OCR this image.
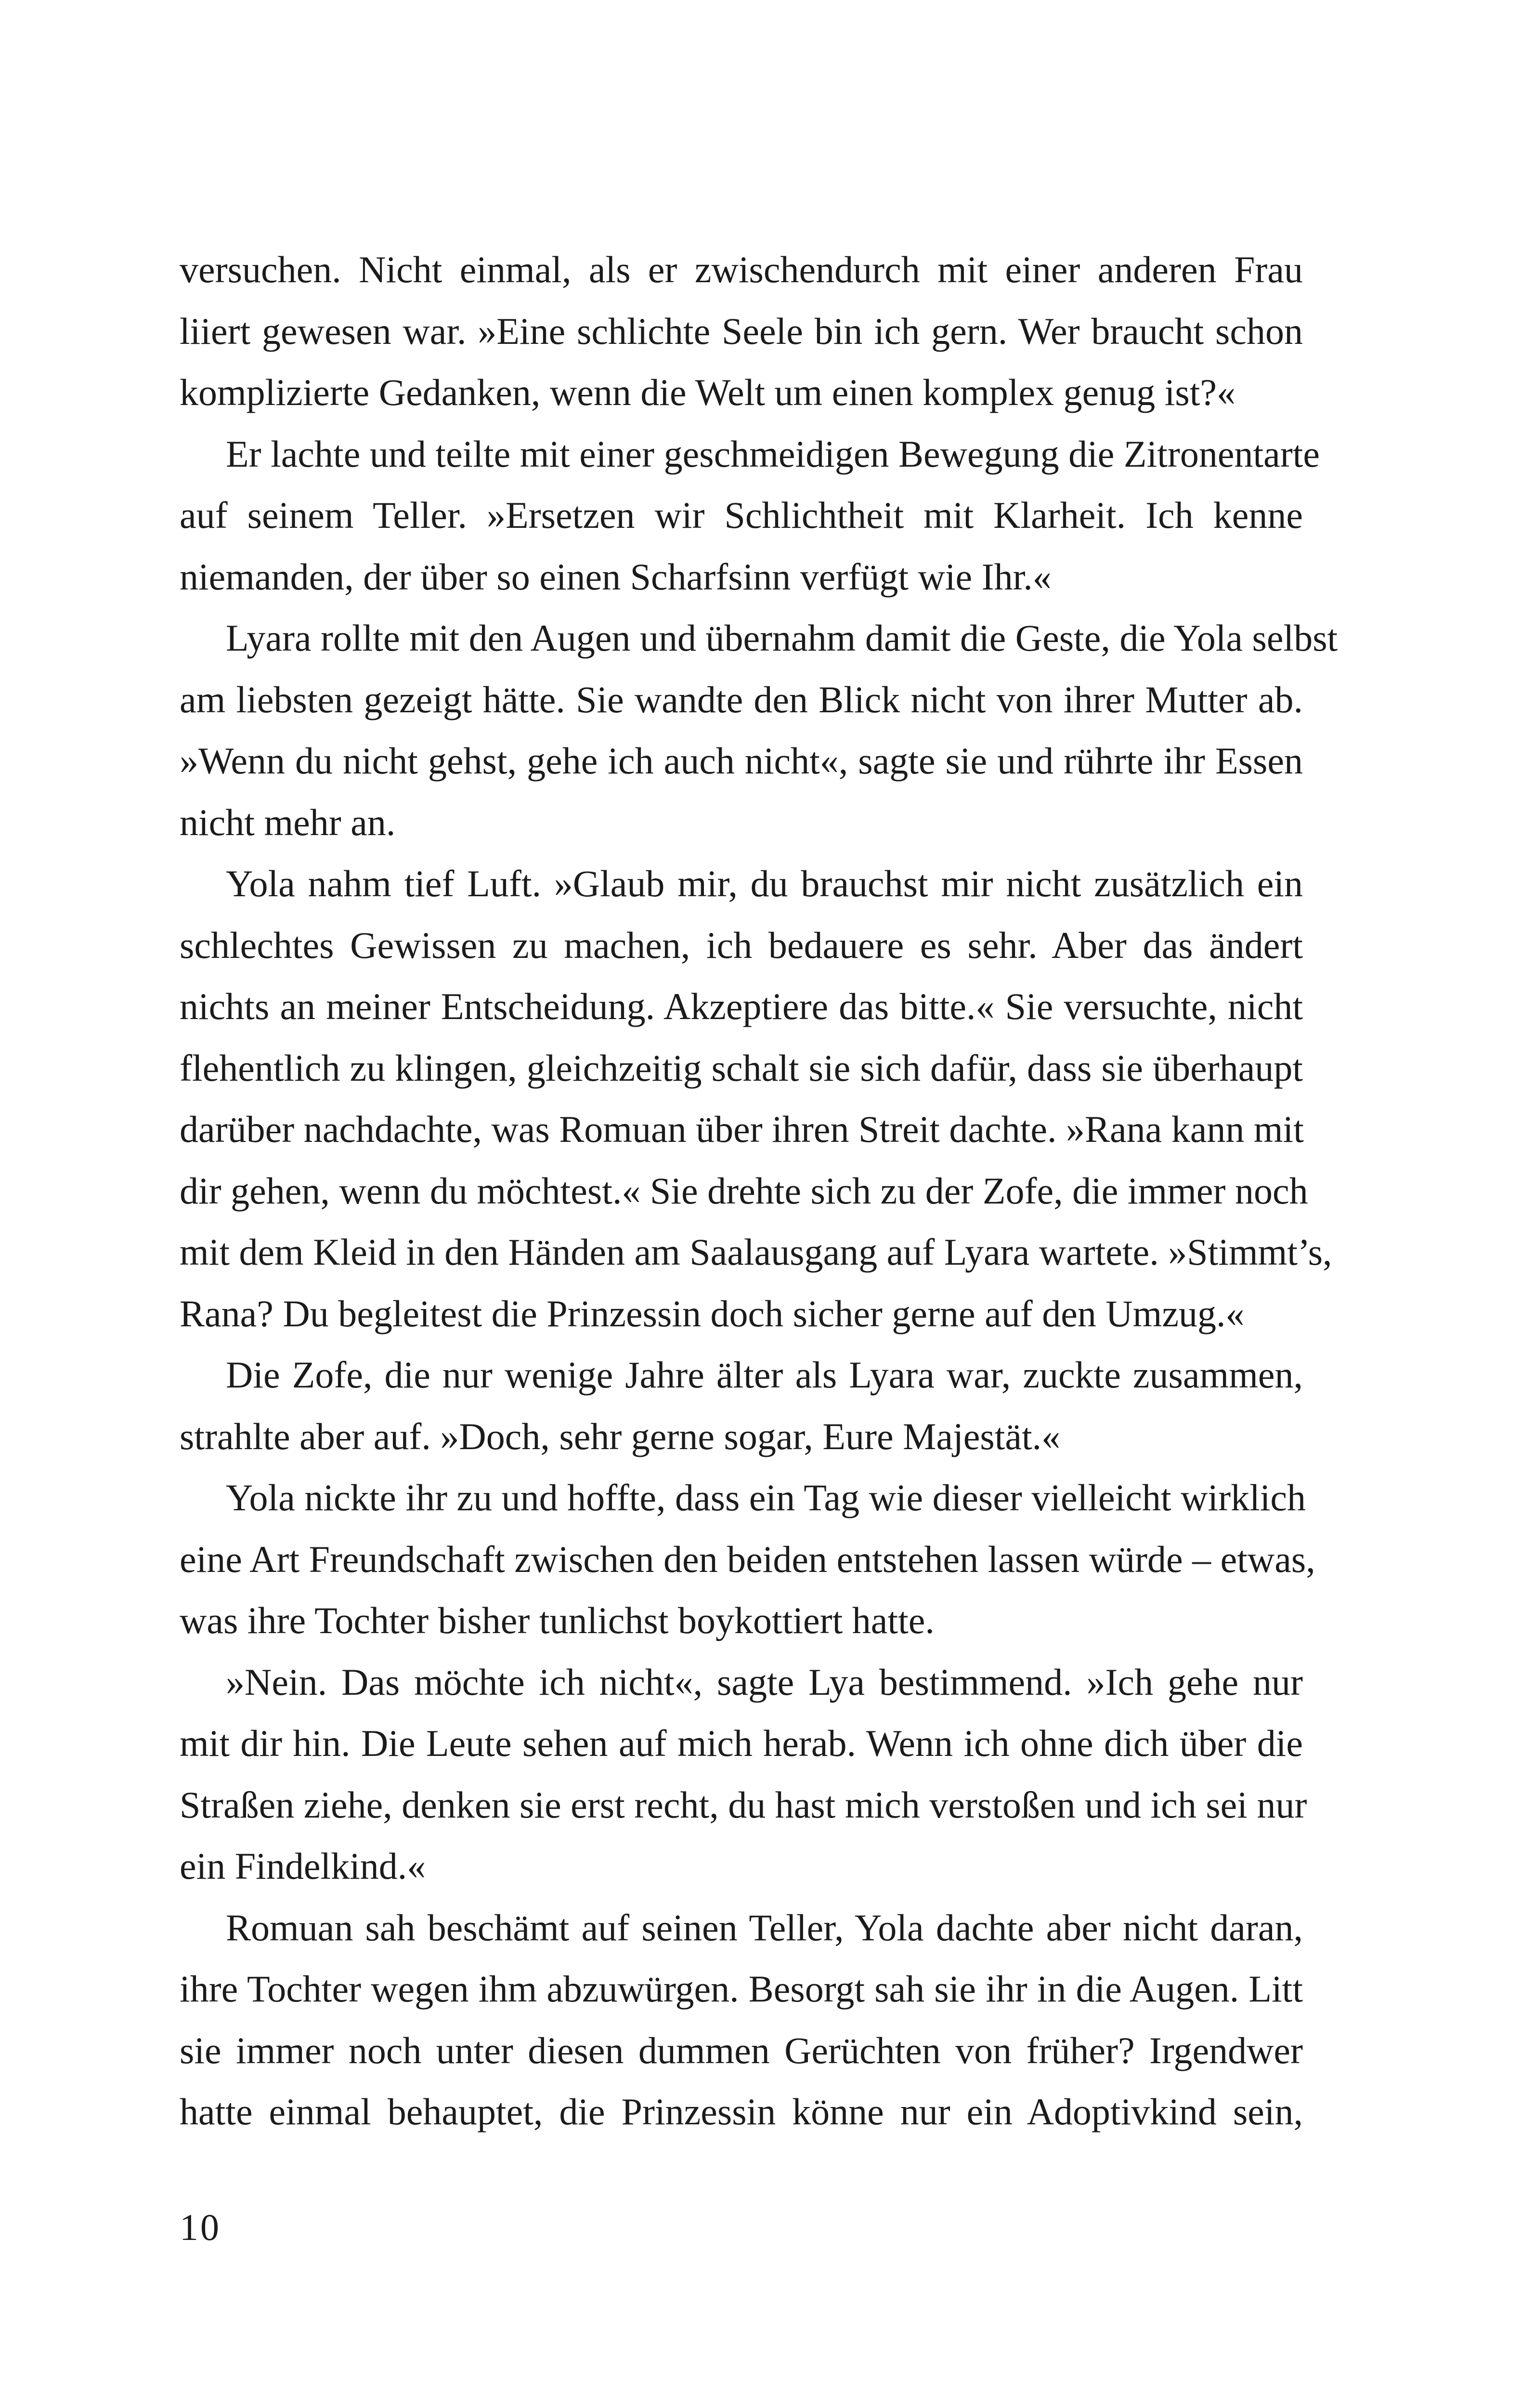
versuchen. Nicht einmal, als er zwischendurch mit einer anderen Frau
liiert gewesen war. »Eine schlichte Seele bin ich gern. Wer braucht schon
komplizierte Gedanken, wenn die Welt um einen komplex genug ist?«
Er lachte und teilte mit einer geschmeidigen Bewegung die Zitronentarte
auf seinem Teller. »Ersetzen wir Schlichtheit mit Klarheit. Ich kenne
niemanden, der über so einen Scharfsinn verfügt wie Ihr.«
Lyara rollte mit den Augen und übernahm damit die Geste, die Yola selbst
am liebsten gezeigt hätte. Sie wandte den Blick nicht von ihrer Mutter ab.
»Wenn du nicht gehst, gehe ich auch nicht«, sagte sie und rührte ihr Essen
nicht mehr an.
Yola nahm tief Luft. »Glaub mir, du brauchst mir nicht zusätzlich ein
schlechtes Gewissen zu machen, ich bedauere es sehr. Aber das ändert
nichts an meiner Entscheidung. Akzeptiere das bitte.« Sie versuchte, nicht
flehentlich zu klingen, gleichzeitig schalt sie sich dafür, dass sie überhaupt
darüber nachdachte, was Romuan über ihren Streit dachte. »Rana kann mit
dir gehen, wenn du möchtest.« Sie drehte sich zu der Zofe, die immer noch
mit dem Kleid in den Händen am Saalausgang auf Lyara wartete. »Stimmt’s,
Rana? Du begleitest die Prinzessin doch sicher gerne auf den Umzug.«
Die Zofe, die nur wenige Jahre älter als Lyara war, zuckte zusammen,
strahlte aber auf. »Doch, sehr gerne sogar, Eure Majestät.«
Yola nickte ihr zu und hoffte, dass ein Tag wie dieser vielleicht wirklich
eine Art Freundschaft zwischen den beiden entstehen lassen würde – etwas,
was ihre Tochter bisher tunlichst boykottiert hatte.
»Nein. Das möchte ich nicht«, sagte Lya bestimmend. »Ich gehe nur
mit dir hin. Die Leute sehen auf mich herab. Wenn ich ohne dich über die
Straßen ziehe, denken sie erst recht, du hast mich verstoßen und ich sei nur
ein Findelkind.«
Romuan sah beschämt auf seinen Teller, Yola dachte aber nicht daran,
ihre Tochter wegen ihm abzuwürgen. Besorgt sah sie ihr in die Augen. Litt
sie immer noch unter diesen dummen Gerüchten von früher? Irgendwer
hatte einmal behauptet, die Prinzessin könne nur ein Adoptivkind sein,
10
